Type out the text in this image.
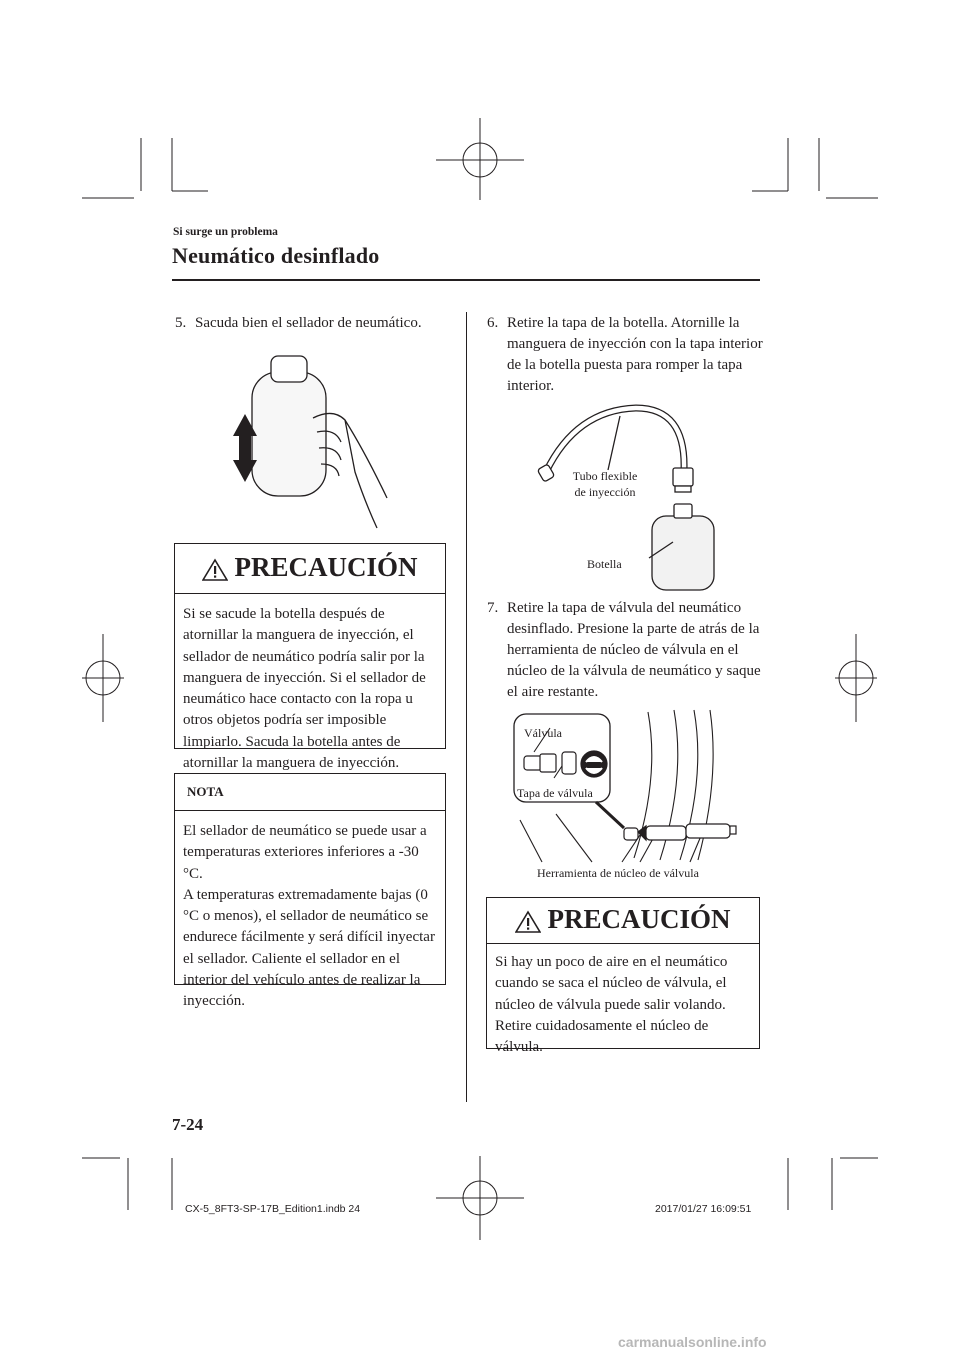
Si surge un problema
Neumático desinflado
5. Sacuda bien el sellador de neumático.
PRECAUCIÓN
Si se sacude la botella después de atornillar la manguera de inyección, el sellador de neumático podría salir por la manguera de inyección. Si el sellador de neumático hace contacto con la ropa u otros objetos podría ser imposible limpiarlo. Sacuda la botella antes de atornillar la manguera de inyección.
NOTA
El sellador de neumático se puede usar a temperaturas exteriores inferiores a -30 °C.
A temperaturas extremadamente bajas (0 °C o menos), el sellador de neumático se endurece fácilmente y será difícil inyectar el sellador. Caliente el sellador en el interior del vehículo antes de realizar la inyección.
6. Retire la tapa de la botella. Atornille la manguera de inyección con la tapa interior de la botella puesta para romper la tapa interior.
Tubo flexible
de inyección
Botella
7. Retire la tapa de válvula del neumático desinflado. Presione la parte de atrás de la herramienta de núcleo de válvula en el núcleo de la válvula de neumático y saque el aire restante.
Válvula
Tapa de válvula
Herramienta de núcleo de válvula
PRECAUCIÓN
Si hay un poco de aire en el neumático cuando se saca el núcleo de válvula, el núcleo de válvula puede salir volando. Retire cuidadosamente el núcleo de válvula.
7-24
CX-5_8FT3-SP-17B_Edition1.indb 24	2017/01/27 16:09:51
carmanualsonline.info
